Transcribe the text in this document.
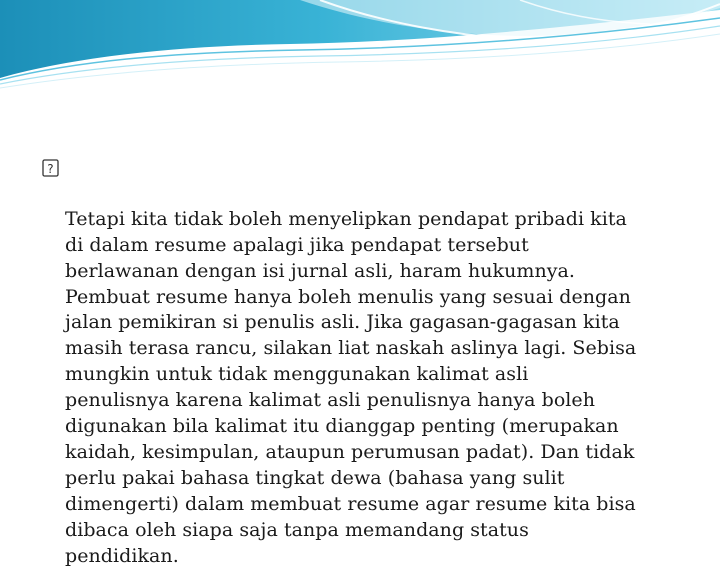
?

Tetapi kita tidak boleh menyelipkan pendapat pribadi kita
di dalam resume apalagi jika pendapat tersebut
berlawanan dengan isi jurnal asli, haram hukumnya.
Pembuat resume hanya boleh menulis yang sesuai dengan
jalan pemikiran si penulis asli. Jika gagasan-gagasan kita
masih terasa rancu, silakan liat naskah aslinya lagi. Sebisa
mungkin untuk tidak menggunakan kalimat asli
penulisnya karena kalimat asli penulisnya hanya boleh
digunakan bila kalimat itu dianggap penting (merupakan
kaidah, kesimpulan, ataupun perumusan padat). Dan tidak
perlu pakai bahasa tingkat dewa (bahasa yang sulit
dimengerti) dalam membuat resume agar resume kita bisa
dibaca oleh siapa saja tanpa memandang status
pendidikan.
